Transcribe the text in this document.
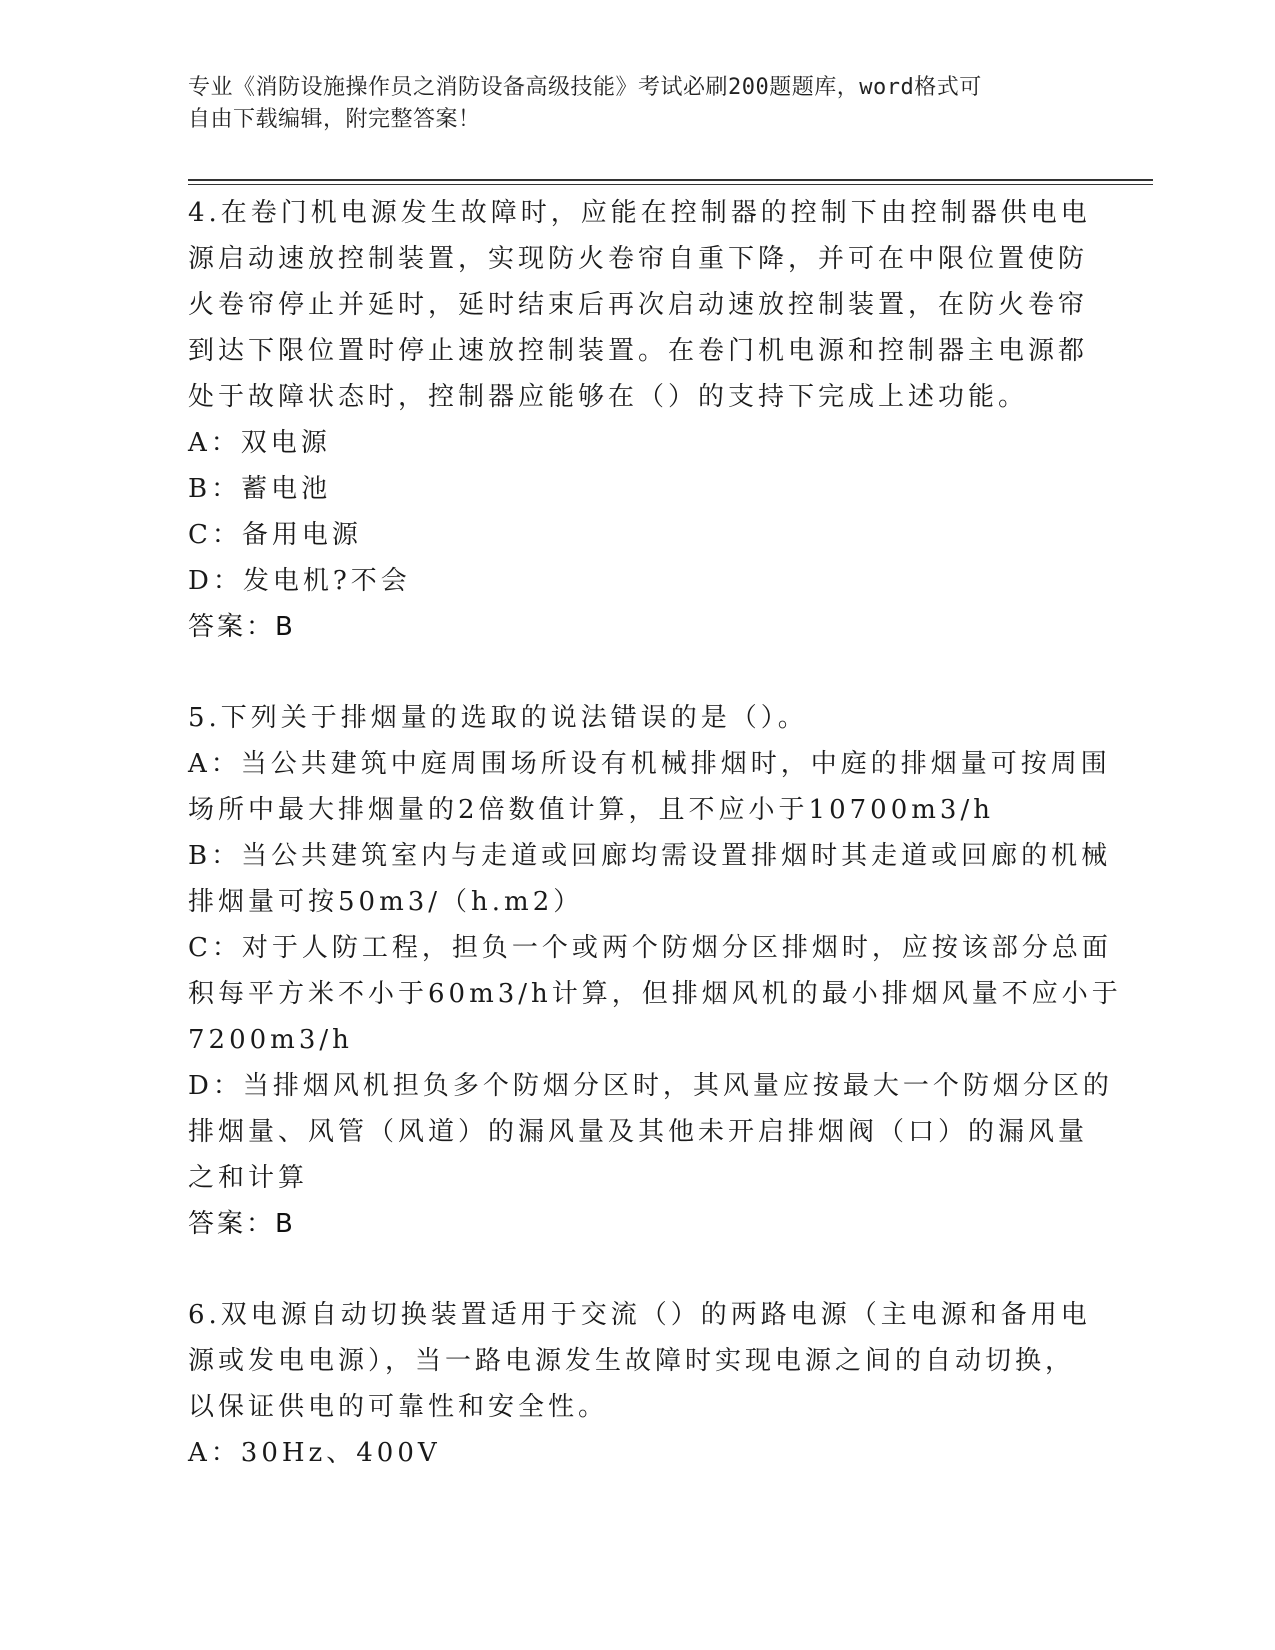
专业《消防设施操作员之消防设备高级技能》考试必刷200题题库，word格式可
自由下载编辑，附完整答案！
4.在卷门机电源发生故障时，应能在控制器的控制下由控制器供电电
源启动速放控制装置，实现防火卷帘自重下降，并可在中限位置使防
火卷帘停止并延时，延时结束后再次启动速放控制装置，在防火卷帘
到达下限位置时停止速放控制装置。在卷门机电源和控制器主电源都
处于故障状态时，控制器应能够在（）的支持下完成上述功能。
A：双电源
B：蓄电池
C：备用电源
D：发电机?不会
答案：B
5.下列关于排烟量的选取的说法错误的是（）。
A：当公共建筑中庭周围场所设有机械排烟时，中庭的排烟量可按周围
场所中最大排烟量的2倍数值计算，且不应小于10700m3/h
B：当公共建筑室内与走道或回廊均需设置排烟时其走道或回廊的机械
排烟量可按50m3/（h.m2）
C：对于人防工程，担负一个或两个防烟分区排烟时，应按该部分总面
积每平方米不小于60m3/h计算，但排烟风机的最小排烟风量不应小于
7200m3/h
D：当排烟风机担负多个防烟分区时，其风量应按最大一个防烟分区的
排烟量、风管（风道）的漏风量及其他未开启排烟阀（口）的漏风量
之和计算
答案：B
6.双电源自动切换装置适用于交流（）的两路电源（主电源和备用电
源或发电电源），当一路电源发生故障时实现电源之间的自动切换，
以保证供电的可靠性和安全性。
A：30Hz、400V
